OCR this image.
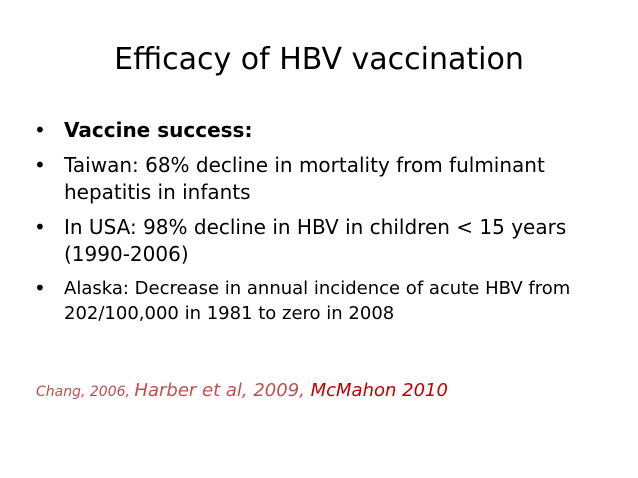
Efficacy of HBV vaccination
• Vaccine success:
• Taiwan: 68% decline in mortality from fulminant hepatitis in infants
• In USA: 98% decline in HBV in children < 15 years (1990-2006)
•	Alaska: Decrease in annual incidence of acute HBV from 202/100,000 in 1981 to zero in 2008
Chang, 2006, Harber et al, 2009, McMahon 2010
